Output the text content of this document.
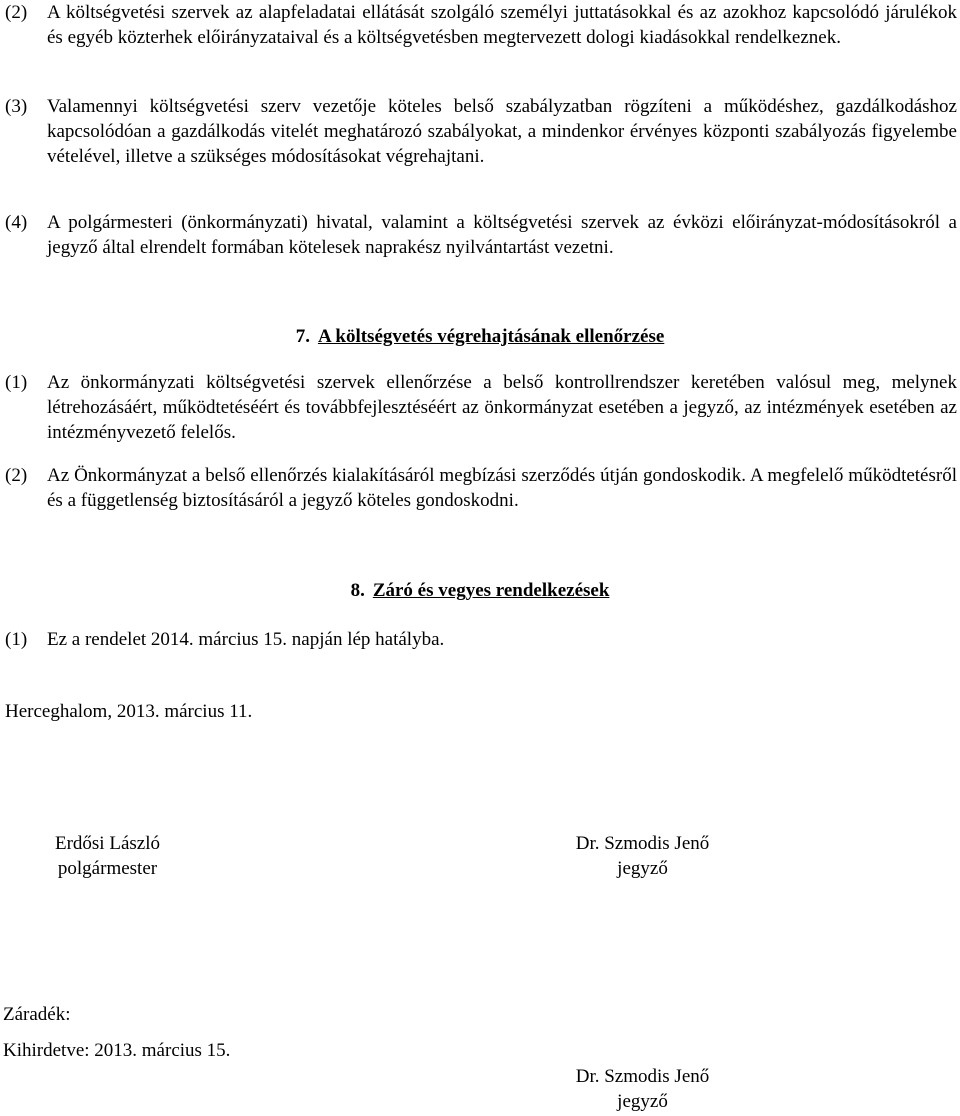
(2) A költségvetési szervek az alapfeladatai ellátását szolgáló személyi juttatásokkal és az azokhoz kapcsolódó járulékok és egyéb közterhek előirányzataival és a költségvetésben megtervezett dologi kiadásokkal rendelkeznek.
(3) Valamennyi költségvetési szerv vezetője köteles belső szabályzatban rögzíteni a működéshez, gazdálkodáshoz kapcsolódóan a gazdálkodás vitelét meghatározó szabályokat, a mindenkor érvényes központi szabályozás figyelembe vételével, illetve a szükséges módosításokat végrehajtani.
(4) A polgármesteri (önkormányzati) hivatal, valamint a költségvetési szervek az évközi előirányzat-módosításokról a jegyző által elrendelt formában kötelesek naprakész nyilvántartást vezetni.
7. A költségvetés végrehajtásának ellenőrzése
(1) Az önkormányzati költségvetési szervek ellenőrzése a belső kontrollrendszer keretében valósul meg, melynek létrehozásáért, működtetéséért és továbbfejlesztéséért az önkormányzat esetében a jegyző, az intézmények esetében az intézményvezető felelős.
(2) Az Önkormányzat a belső ellenőrzés kialakításáról megbízási szerződés útján gondoskodik. A megfelelő működtetésről és a függetlenség biztosításáról a jegyző köteles gondoskodni.
8. Záró és vegyes rendelkezések
(1) Ez a rendelet 2014. március 15. napján lép hatályba.
Herceghalom, 2013. március 11.
Erdősi László
polgármester
Dr. Szmodis Jenő
jegyző
Záradék:
Kihirdetve: 2013. március 15.
Dr. Szmodis Jenő
jegyző
